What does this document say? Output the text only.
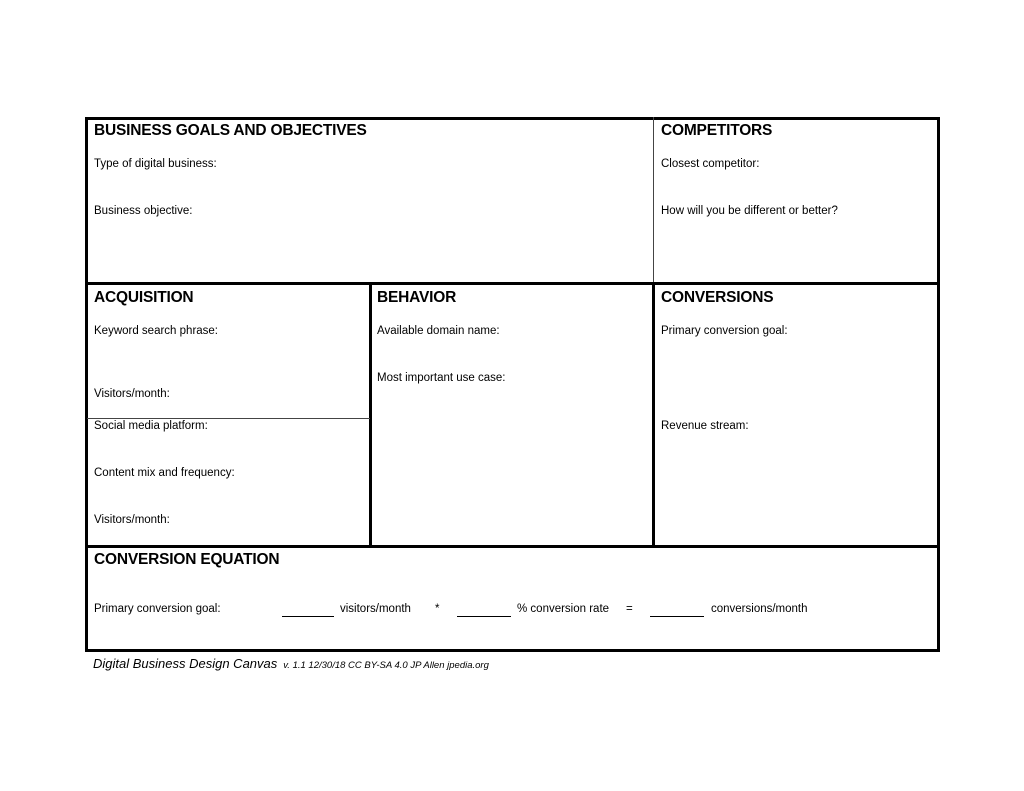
BUSINESS GOALS AND OBJECTIVES
Type of digital business:
Business objective:
COMPETITORS
Closest competitor:
How will you be different or better?
ACQUISITION
Keyword search phrase:
Visitors/month:
Social media platform:
Content mix and frequency:
Visitors/month:
BEHAVIOR
Available domain name:
Most important use case:
CONVERSIONS
Primary conversion goal:
Revenue stream:
CONVERSION EQUATION
Primary conversion goal:	visitors/month *	% conversion rate =	conversions/month
Digital Business Design Canvas v. 1.1 12/30/18 CC BY-SA 4.0 JP Allen jpedia.org
